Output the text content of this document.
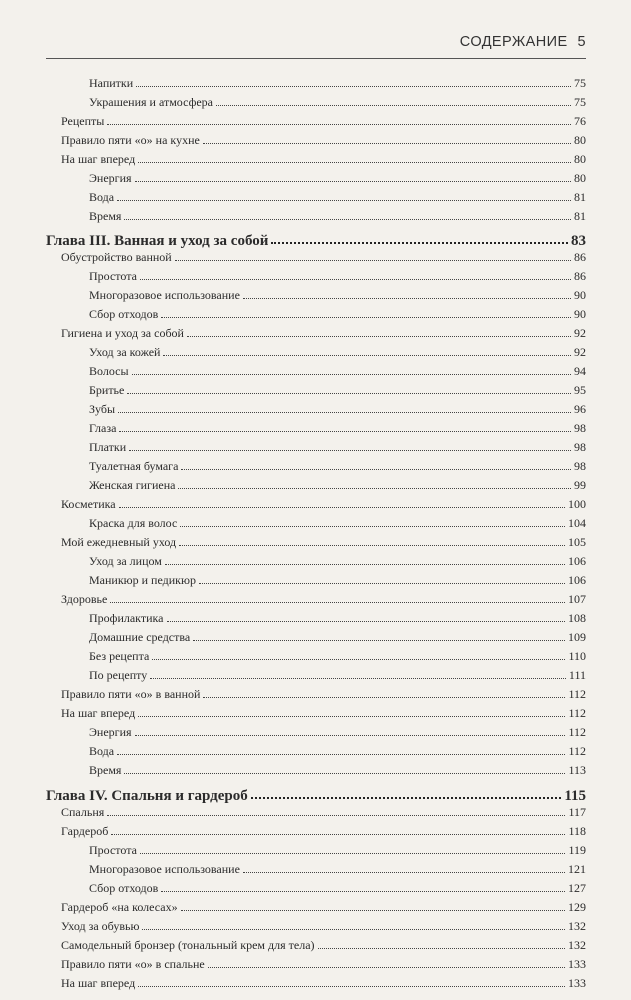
СОДЕРЖАНИЕ 5
Напитки	75
Украшения и атмосфера	75
Рецепты	76
Правило пяти «о» на кухне	80
На шаг вперед	80
Энергия	80
Вода	81
Время	81
Глава III. Ванная и уход за собой	83
Обустройство ванной	86
Простота	86
Многоразовое использование	90
Сбор отходов	90
Гигиена и уход за собой	92
Уход за кожей	92
Волосы	94
Бритье	95
Зубы	96
Глаза	98
Платки	98
Туалетная бумага	98
Женская гигиена	99
Косметика	100
Краска для волос	104
Мой ежедневный уход	105
Уход за лицом	106
Маникюр и педикюр	106
Здоровье	107
Профилактика	108
Домашние средства	109
Без рецепта	110
По рецепту	111
Правило пяти «о» в ванной	112
На шаг вперед	112
Энергия	112
Вода	112
Время	113
Глава IV. Спальня и гардероб	115
Спальня	117
Гардероб	118
Простота	119
Многоразовое использование	121
Сбор отходов	127
Гардероб «на колесах»	129
Уход за обувью	132
Самодельный бронзер (тональный крем для тела)	132
Правило пяти «о» в спальне	133
На шаг вперед	133
